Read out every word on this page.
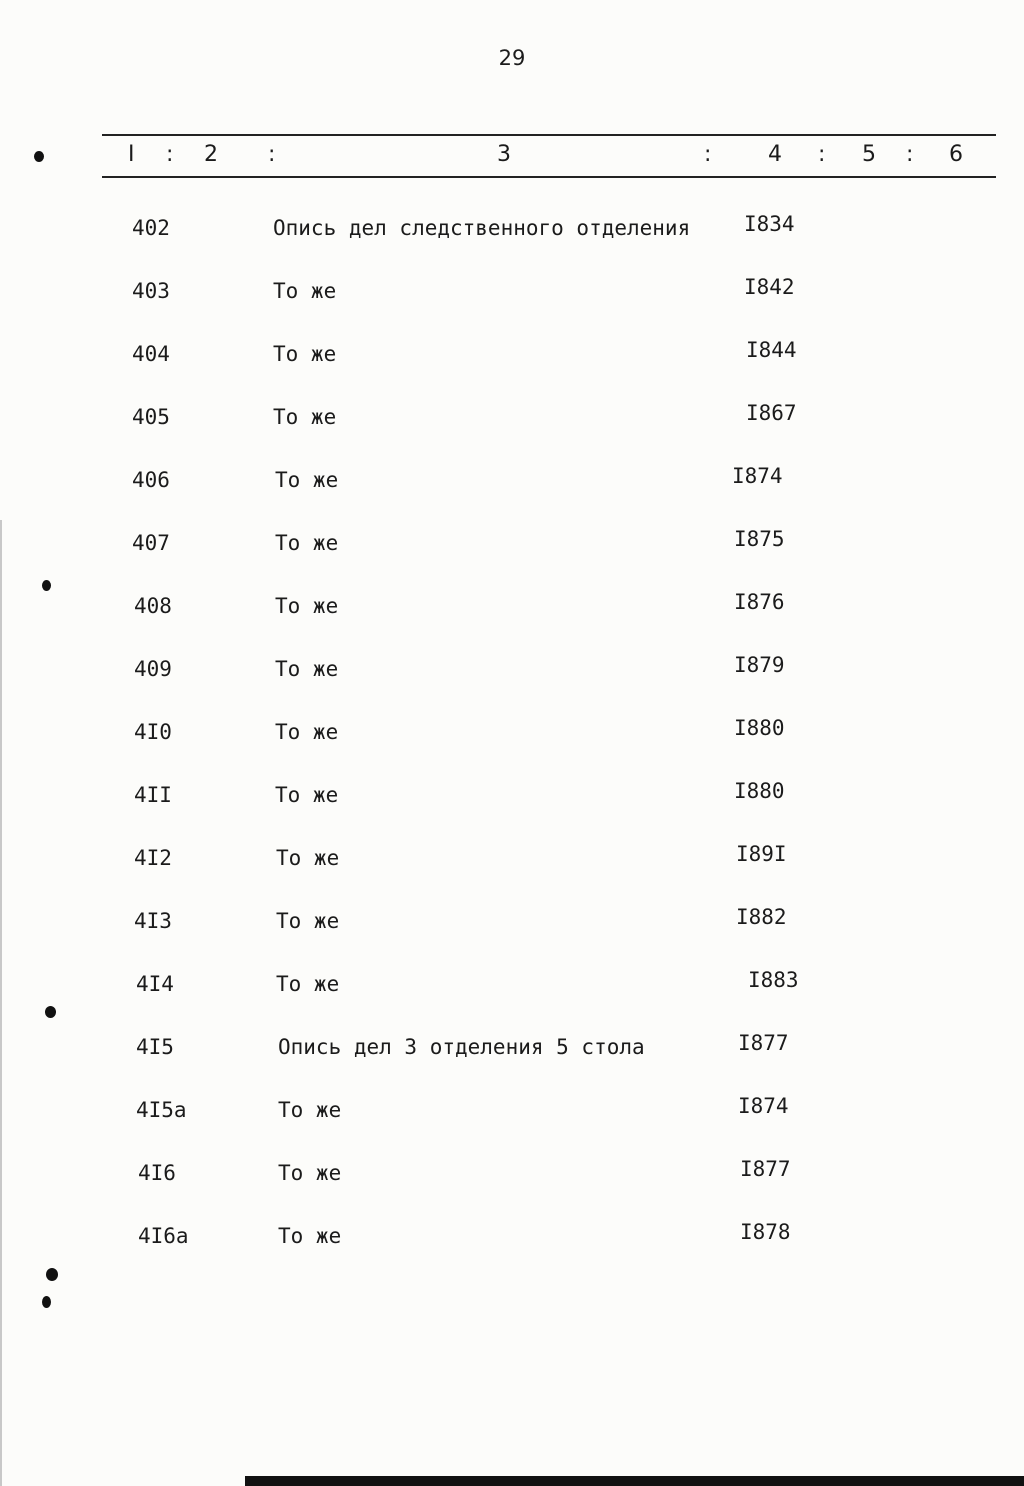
29
I : 2 :	3	:	4 : 5 : 6
402	Опись дел следственного отделения	I834
403	То же	I842
404	То же	I844
405	То же	I867
406	То же	I874
407	То же	I875
408	То же	I876
409	То же	I879
4I0	То же	I880
4II	То же	I880
4I2	То же	I89I
4I3	То же	I882
4I4	То же	I883
4I5	Опись дел 3 отделения 5 стола	I877
4I5а	То же	I874
4I6	То же	I877
4I6а	То же	I878
